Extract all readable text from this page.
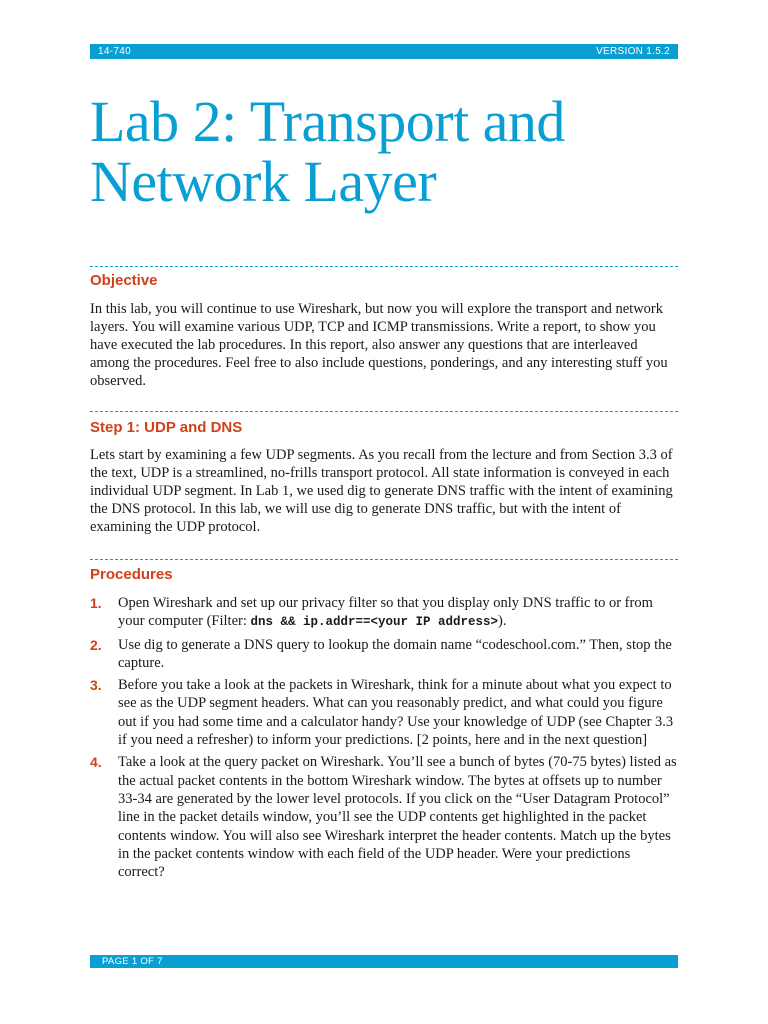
14-740	VERSION 1.5.2
Lab 2: Transport and Network Layer
Objective

In this lab, you will continue to use Wireshark, but now you will explore the transport and network layers. You will examine various UDP, TCP and ICMP transmissions. Write a report, to show you have executed the lab procedures. In this report, also answer any questions that are interleaved among the procedures. Feel free to also include questions, ponderings, and any interesting stuff you observed.

Step 1: UDP and DNS

Lets start by examining a few UDP segments. As you recall from the lecture and from Section 3.3 of the text, UDP is a streamlined, no-frills transport protocol. All state information is conveyed in each individual UDP segment. In Lab 1, we used dig to generate DNS traffic with the intent of examining the DNS protocol. In this lab, we will use dig to generate DNS traffic, but with the intent of examining the UDP protocol.

Procedures
1.	Open Wireshark and set up our privacy filter so that you display only DNS traffic to or from your computer (Filter: dns && ip.addr==<your IP address>).
2.	Use dig to generate a DNS query to lookup the domain name “codeschool.com.” Then, stop the capture.
3.	Before you take a look at the packets in Wireshark, think for a minute about what you expect to see as the UDP segment headers. What can you reasonably predict, and what could you figure out if you had some time and a calculator handy? Use your knowledge of UDP (see Chapter 3.3 if you need a refresher) to inform your predictions. [2 points, here and in the next question]
4.	Take a look at the query packet on Wireshark. You’ll see a bunch of bytes (70-75 bytes) listed as the actual packet contents in the bottom Wireshark window. The bytes at offsets up to number 33-34 are generated by the lower level protocols. If you click on the “User Datagram Protocol” line in the packet details window, you’ll see the UDP contents get highlighted in the packet contents window. You will also see Wireshark interpret the header contents. Match up the bytes in the packet contents window with each field of the UDP header. Were your predictions correct?
PAGE 1 OF 7
